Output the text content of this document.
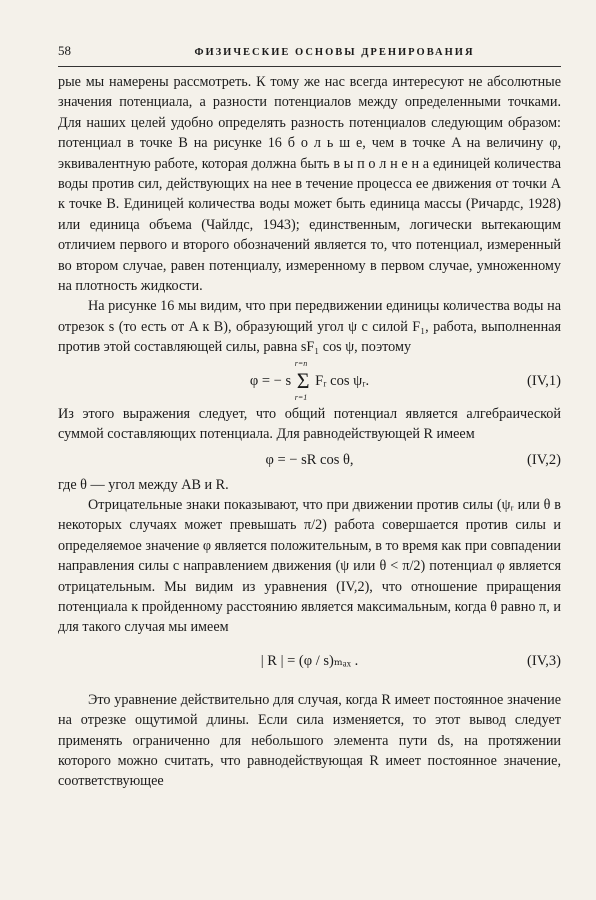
58	ФИЗИЧЕСКИЕ ОСНОВЫ ДРЕНИРОВАНИЯ

рые мы намерены рассмотреть. К тому же нас всегда интересуют не абсолютные значения потенциала, а разности потенциалов между определенными точками. Для наших целей удобно определять разность потенциалов следующим образом: потенциал в точке B на рисунке 16 б о л ь ш е, чем в точке A на величину φ, эквивалентную работе, которая должна быть в ы п о л н е н а единицей количества воды против сил, действующих на нее в течение процесса ее движения от точки A к точке B. Единицей количества воды может быть единица массы (Ричардс, 1928) или единица объема (Чайлдс, 1943); единственным, логически вытекающим отличием первого и второго обозначений является то, что потенциал, измеренный во втором случае, равен потенциалу, измеренному в первом случае, умноженному на плотность жидкости.

На рисунке 16 мы видим, что при передвижении единицы количества воды на отрезок s (то есть от A к B), образующий угол ψ с силой F₁, работа, выполненная против этой составляющей силы, равна sF₁ cos ψ, поэтому

φ = − s
r=n
Σ
r=1
Fᵣ cos ψᵣ.	(IV,1)

Из этого выражения следует, что общий потенциал является алгебраической суммой составляющих потенциала. Для равнодействующей R имеем

φ = − sR cos θ,	(IV,2)

где θ — угол между AB и R.

Отрицательные знаки показывают, что при движении против силы (ψᵣ или θ в некоторых случаях может превышать π/2) работа совершается против силы и определяемое значение φ является положительным, в то время как при совпадении направления силы с направлением движения (ψ или θ < π/2) потенциал φ является отрицательным. Мы видим из уравнения (IV,2), что отношение приращения потенциала к пройденному расстоянию является максимальным, когда θ равно π, и для такого случая мы имеем

| R | = (φ / s)ₘₐₓ .	(IV,3)

Это уравнение действительно для случая, когда R имеет постоянное значение на отрезке ощутимой длины. Если сила изменяется, то этот вывод следует применять ограниченно для небольшого элемента пути ds, на протяжении которого можно считать, что равнодействующая R имеет постоянное значение, соответствующее
